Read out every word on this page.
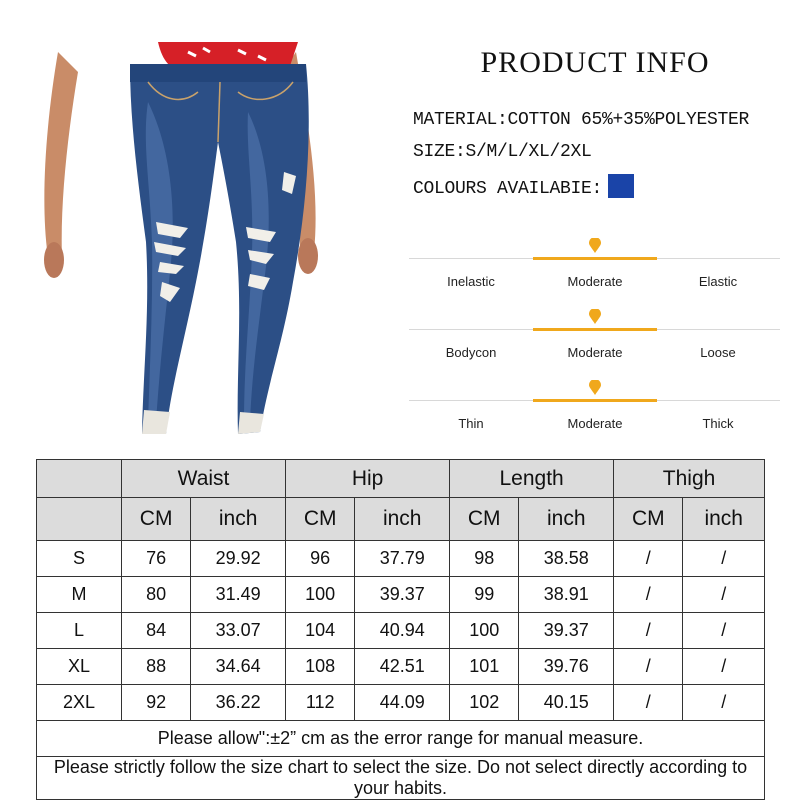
PRODUCT INFO
MATERIAL:COTTON 65%+35%POLYESTER
SIZE:S/M/L/XL/2XL
COLOURS AVAILABIE:
Inelastic	Moderate	Elastic
Bodycon	Moderate	Loose
Thin	Moderate	Thick
	Waist		Hip		Length		Thigh	
	CM	inch	CM	inch	CM	inch	CM	inch
S	76	29.92	96	37.79	98	38.58	/	/
M	80	31.49	100	39.37	99	38.91	/	/
L	84	33.07	104	40.94	100	39.37	/	/
XL	88	34.64	108	42.51	101	39.76	/	/
2XL	92	36.22	112	44.09	102	40.15	/	/
Please allow":±2” cm as the error range for manual measure.								
Please strictly follow the size chart to select the size. Do not select directly according to your habits.								
